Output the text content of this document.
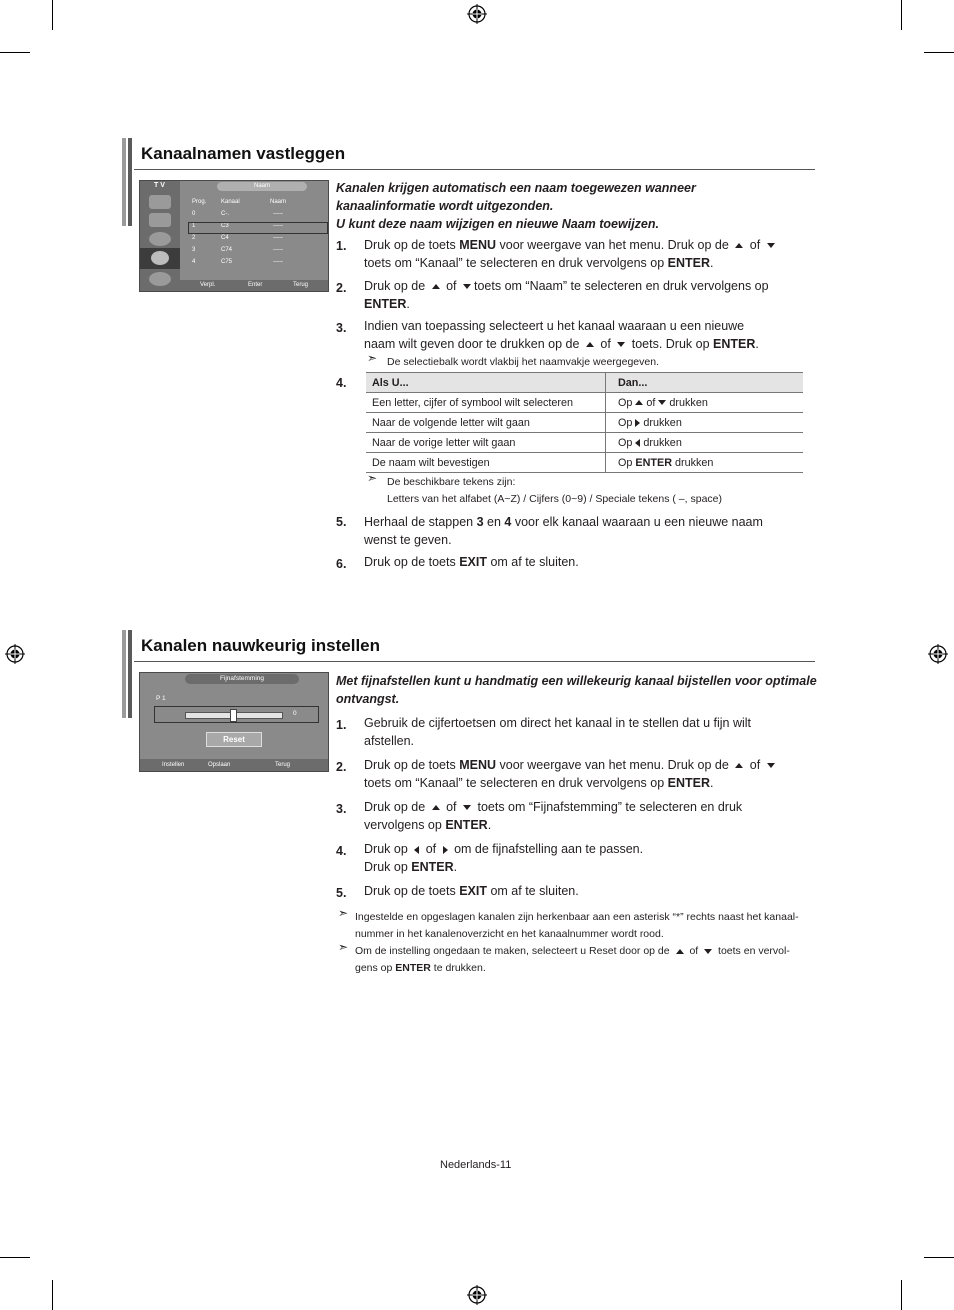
Kanaalnamen vastleggen
T V	Naam
Prog. Kanaal	Naam
0	C-.	-----
1	C3	-----
2	C4	-----
3	C74	-----
4	C75	-----
Verpl.	Enter	Terug
Kanalen krijgen automatisch een naam toegewezen wanneer
kanaalinformatie wordt uitgezonden.
U kunt deze naam wijzigen en nieuwe Naam toewijzen.
1. Druk op de toets MENU voor weergave van het menu. Druk op de  of
toets om “Kanaal” te selecteren en druk vervolgens op ENTER.
2. Druk op de  of toets om “Naam” te selecteren en druk vervolgens op
ENTER.
3. Indien van toepassing selecteert u het kanaal waaraan u een nieuwe
naam wilt geven door te drukken op de  of  toets. Druk op ENTER.
➣ De selectiebalk wordt vlakbij het naamvakje weergegeven.
4. Als U...	Dan...
Een letter, cijfer of symbool wilt selecteren	Op of drukken
Naar de volgende letter wilt gaan	Op drukken
Naar de vorige letter wilt gaan	Op drukken
De naam wilt bevestigen	Op ENTER drukken
➣ De beschikbare tekens zijn:
Letters van het alfabet (A~Z) / Cijfers (0~9) / Speciale tekens ( –, space)
5. Herhaal de stappen 3 en 4 voor elk kanaal waaraan u een nieuwe naam
wenst te geven.
6. Druk op de toets EXIT om af te sluiten.
Kanalen nauwkeurig instellen
Fijnafstemming
P 1
0
Reset
Instellen	Opslaan	Terug
Met fijnafstellen kunt u handmatig een willekeurig kanaal bijstellen voor optimale
ontvangst.
1. Gebruik de cijfertoetsen om direct het kanaal in te stellen dat u fijn wilt
afstellen.
2. Druk op de toets MENU voor weergave van het menu. Druk op de  of
toets om “Kanaal” te selecteren en druk vervolgens op ENTER.
3. Druk op de  of  toets om “Fijnafstemming” te selecteren en druk
vervolgens op ENTER.
4. Druk op  of  om de fijnafstelling aan te passen.
Druk op ENTER.
5. Druk op de toets EXIT om af te sluiten.
➣ Ingestelde en opgeslagen kanalen zijn herkenbaar aan een asterisk “*” rechts naast het kanaal-
nummer in het kanalenoverzicht en het kanaalnummer wordt rood.
➣ Om de instelling ongedaan te maken, selecteert u Reset door op de  of  toets en vervol-
gens op ENTER te drukken.
Nederlands-11
